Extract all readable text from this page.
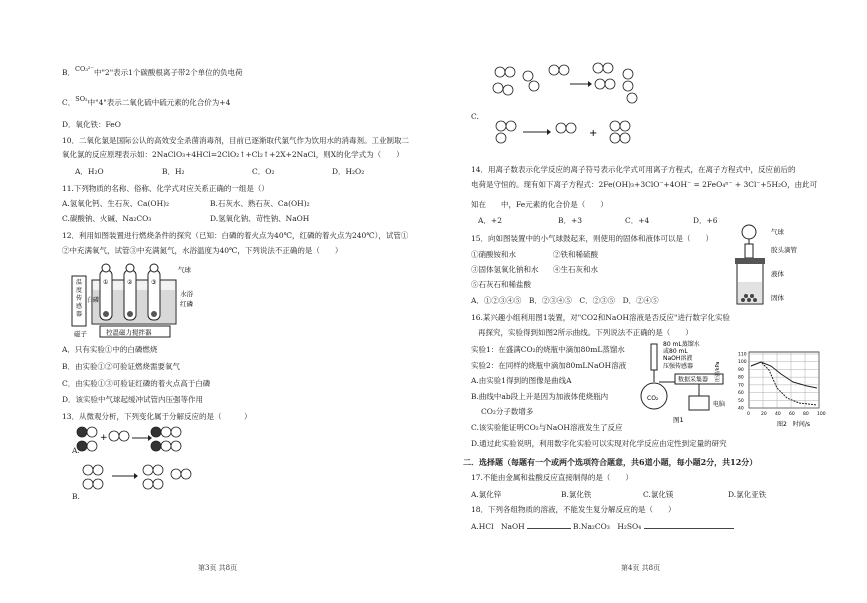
B．CO₃²⁻中"2"表示1个碳酸根离子带2个单位的负电荷
C．SO₂中"4"表示二氧化硫中硫元素的化合价为+4
D．氧化铁：FeO
10．二氧化氯是国际公认的高效安全杀菌消毒剂，目前已逐渐取代氯气作为饮用水的消毒剂。工业制取二
氧化氯的反应原理表示如：2NaClO₃+4HCl=2ClO₂↑+Cl₂↑+2X+2NaCl，则X的化学式为（　　）
A．H₂O	B．H₂	C．O₂	D．H₂O₂
11.下列物质的名称、俗称、化学式对应关系正确的一组是（）
A.氢氧化钙、生石灰、Ca(OH)₂	B.石灰水、熟石灰、Ca(OH)₂
C.碳酸钠、火碱、Na₂CO₃	D.氢氧化钠、苛性钠、NaOH
12．利用如图装置进行燃烧条件的探究（已知：白磷的着火点为40℃，红磷的着火点为240℃），试管①
②中充满氧气，试管③中充满氮气，水浴温度为40℃，下列说法不正确的是（　　）
温
度
传
感
器
①	②	③
气球
水浴
红磷
白磷
控温磁力搅拌器
磁子
A．只有实验①中的白磷燃烧
B．由实验①②可验证燃烧需要氧气
C．由实验①③可验证红磷的着火点高于白磷
D．该实验中气球起缓冲试管内压强等作用
13．从微观分析，下列变化属于分解反应的是（　　　）
+
A.
B.
第3页 共8页
C.
+
14．用离子数表示化学反应的离子符号表示化学式可用离子方程式，在离子方程式中，反应前后的
电荷是守恒的。现有如下离子方程式：2Fe(OH)₃+3ClO⁻+4OH⁻ = 2FeO₄ⁿ⁻ + 3Cl⁻+5H₂O，由此可
知在　　中，Fe元素的化合价是（　　）
A．+2	B．+3	C．+4	D．+6
15．向如图装置中的小气球鼓起来，则使用的固体和液体可以是（　　）
①硝酸铵和水	②铁和稀硫酸
③固体氢氧化钠和水 ④生石灰和水
⑤石灰石和稀盐酸
A．①②③④⑤　B．②③④⑤　C．②③⑤　D．②④⑤
气球
胶头滴管
液体
固体
16.某兴趣小组利用图1装置，对"CO2和NaOH溶液是否反应"进行数字化实验
再探究，实验得到如图2所示曲线。下列说法不正确的是（　　）
实验1：在盛满CO₂的烧瓶中滴加80mL蒸馏水
实验2：在同样的烧瓶中滴加80mLNaOH溶液
A.由实验1得到的图像是曲线A
B.曲线中ab段上升是因为加液体使烧瓶内
CO₂分子数增多
C.该实验能证明CO₂与NaOH溶液发生了反应
D.通过此实验说明，利用数字化实验可以实现对化学反应由定性到定量的研究
80 mL蒸馏水
或80 mL
NaOH溶液
压强传感器
CO₂
数据采集器
电脑
图1
压强/kPa
110
100
90
80
70
60
50
40
0 20 40 60 80 100
图2　时间/s
二．选择题（每题有一个或两个选项符合题意，共6道小题，每小题2分，共12分）
17.不能由金属和盐酸反应直接制得的是（　　）
A.氯化锌	B.氯化铁	C.氯化镁	D.氯化亚铁
18．下列各组物质的溶液，不能发生复分解反应的是（　　）
A.HCl　NaOH	B.Na₂CO₃　H₂SO₄
第4页 共8页
